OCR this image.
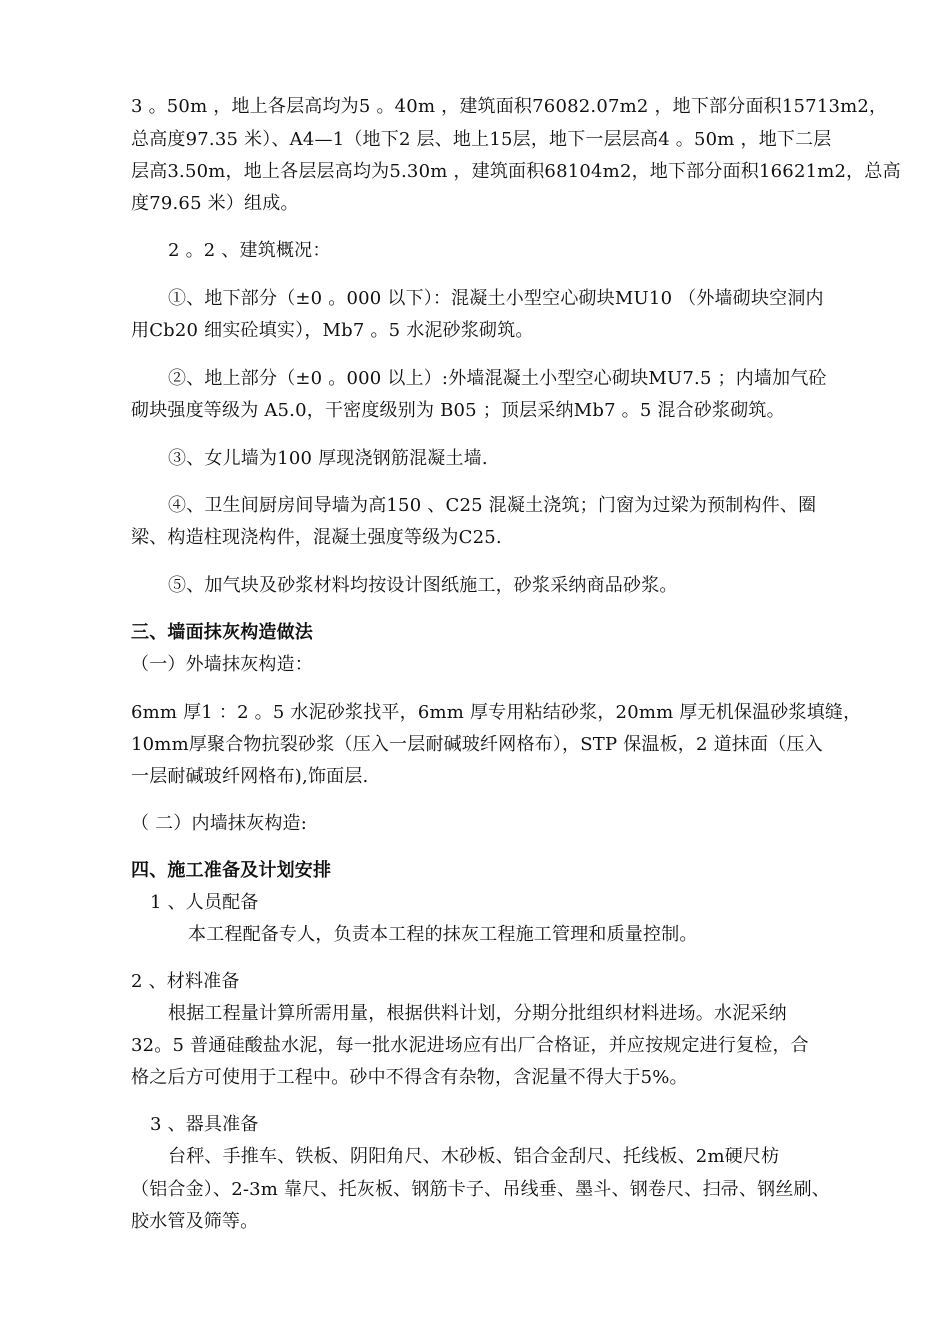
3 。50m ，地上各层高均为5 。40m ，建筑面积76082.07m2 ，地下部分面积15713m2，
总高度97.35 米）、A4—1（地下2 层、地上15层，地下一层层高4 。50m ，地下二层
层高3.50m，地上各层层高均为5.30m ，建筑面积68104m2，地下部分面积16621m2，总高
度79.65 米）组成。
2 。2 、建筑概况：
①、地下部分（±0 。000 以下）：混凝土小型空心砌块MU10 （外墙砌块空洞内
用Cb20 细实砼填实），Mb7 。5 水泥砂浆砌筑。
②、地上部分（±0 。000 以上）:外墙混凝土小型空心砌块MU7.5 ；内墙加气砼
砌块强度等级为 A5.0，干密度级别为 B05 ；顶层采纳Mb7 。5 混合砂浆砌筑。
③、女儿墙为100 厚现浇钢筋混凝土墙.
④、卫生间厨房间导墙为高150 、C25 混凝土浇筑；门窗为过梁为预制构件、圈
梁、构造柱现浇构件，混凝土强度等级为C25.
⑤、加气块及砂浆材料均按设计图纸施工，砂浆采纳商品砂浆。
三、墙面抹灰构造做法
（一）外墙抹灰构造：
6mm 厚1 ：2 。5 水泥砂浆找平，6mm 厚专用粘结砂浆，20mm 厚无机保温砂浆填缝，
10mm厚聚合物抗裂砂浆（压入一层耐碱玻纤网格布），STP 保温板，2 道抹面（压入
一层耐碱玻纤网格布),饰面层.
（ 二）内墙抹灰构造:
四、施工准备及计划安排
1 、人员配备
本工程配备专人，负责本工程的抹灰工程施工管理和质量控制。
2 、材料准备
根据工程量计算所需用量，根据供料计划，分期分批组织材料进场。水泥采纳
32。5 普通硅酸盐水泥，每一批水泥进场应有出厂合格证，并应按规定进行复检，合
格之后方可使用于工程中。砂中不得含有杂物，含泥量不得大于5%。
3 、器具准备
台秤、手推车、铁板、阴阳角尺、木砂板、铝合金刮尺、托线板、2m硬尺枋
（铝合金）、2-3m 靠尺、托灰板、钢筋卡子、吊线垂、墨斗、钢卷尺、扫帚、钢丝刷、
胶水管及筛等。
